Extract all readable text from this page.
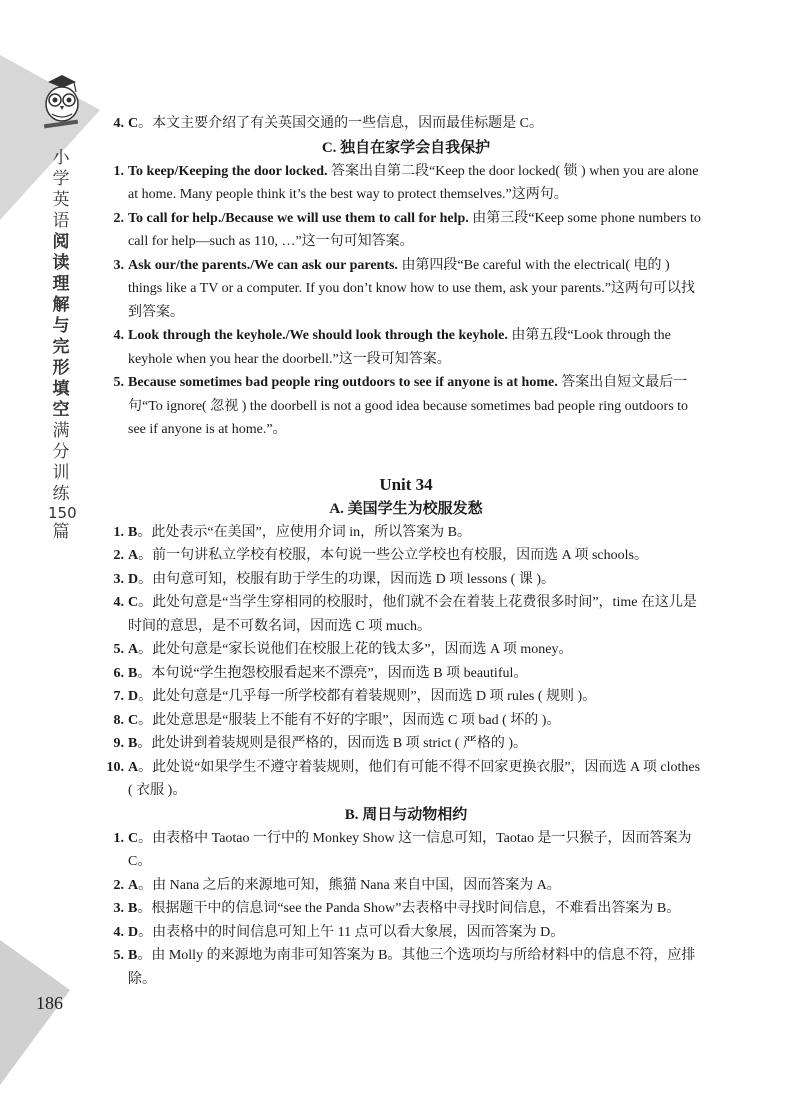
小
学
英
语
阅
读
理
解
与
完
形
填
空
满
分
训
练
150
篇
186
4. C。本文主要介绍了有关英国交通的一些信息，因而最佳标题是 C。
C. 独自在家学会自我保护
1. To keep/Keeping the door locked. 答案出自第二段“Keep the door locked( 锁 ) when you are alone at home. Many people think it’s the best way to protect themselves.”这两句。
2. To call for help./Because we will use them to call for help. 由第三段“Keep some phone numbers to call for help—such as 110, …”这一句可知答案。
3. Ask our/the parents./We can ask our parents. 由第四段“Be careful with the electrical( 电的 ) things like a TV or a computer. If you don’t know how to use them, ask your parents.”这两句可以找到答案。
4. Look through the keyhole./We should look through the keyhole. 由第五段“Look through the keyhole when you hear the doorbell.”这一段可知答案。
5. Because sometimes bad people ring outdoors to see if anyone is at home. 答案出自短文最后一句“To ignore( 忽视 ) the doorbell is not a good idea because sometimes bad people ring outdoors to see if anyone is at home.”。
Unit 34
A. 美国学生为校服发愁
1. B。此处表示“在美国”，应使用介词 in，所以答案为 B。
2. A。前一句讲私立学校有校服，本句说一些公立学校也有校服，因而选 A 项 schools。
3. D。由句意可知，校服有助于学生的功课，因而选 D 项 lessons ( 课 )。
4. C。此处句意是“当学生穿相同的校服时，他们就不会在着装上花费很多时间”，time 在这儿是时间的意思，是不可数名词，因而选 C 项 much。
5. A。此处句意是“家长说他们在校服上花的钱太多”，因而选 A 项 money。
6. B。本句说“学生抱怨校服看起来不漂亮”，因而选 B 项 beautiful。
7. D。此处句意是“几乎每一所学校都有着装规则”，因而选 D 项 rules ( 规则 )。
8. C。此处意思是“服装上不能有不好的字眼”，因而选 C 项 bad ( 坏的 )。
9. B。此处讲到着装规则是很严格的，因而选 B 项 strict ( 严格的 )。
10. A。此处说“如果学生不遵守着装规则，他们有可能不得不回家更换衣服”，因而选 A 项 clothes ( 衣服 )。
B. 周日与动物相约
1. C。由表格中 Taotao 一行中的 Monkey Show 这一信息可知，Taotao 是一只猴子，因而答案为 C。
2. A。由 Nana 之后的来源地可知，熊猫 Nana 来自中国，因而答案为 A。
3. B。根据题干中的信息词“see the Panda Show”去表格中寻找时间信息，不难看出答案为 B。
4. D。由表格中的时间信息可知上午 11 点可以看大象展，因而答案为 D。
5. B。由 Molly 的来源地为南非可知答案为 B。其他三个选项均与所给材料中的信息不符，应排除。
